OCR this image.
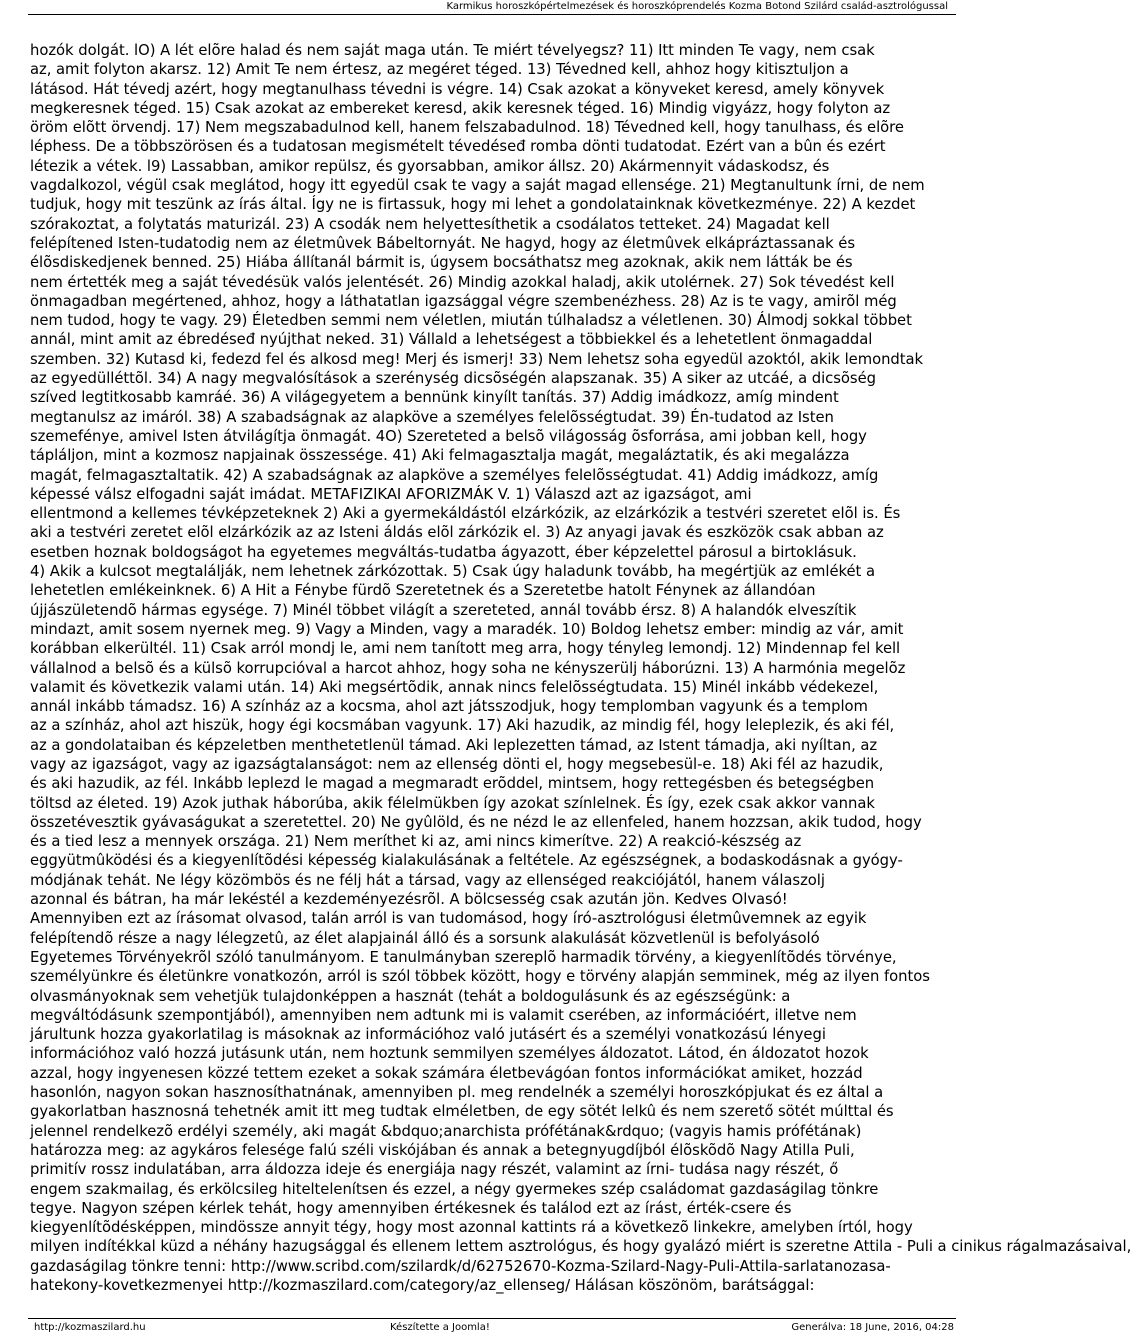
Karmikus horoszkópértelmezések és horoszkóprendelés Kozma Botond Szilárd család-asztrológussal
hozók dolgát. lO) A lét elõre halad és nem saját maga után. Te miért tévelyegsz? 11) Itt minden Te vagy, nem csak
az, amit folyton akarsz. 12) Amit Te nem értesz, az megéret téged. 13) Tévedned kell, ahhoz hogy kitisztuljon a
látásod. Hát tévedj azért, hogy megtanulhass tévedni is végre. 14) Csak azokat a könyveket keresd, amely könyvek
megkeresnek téged. 15) Csak azokat az embereket keresd, akik keresnek téged. 16) Mindig vigyázz, hogy folyton az
öröm elõtt örvendj. 17) Nem megszabadulnod kell, hanem felszabadulnod. 18) Tévedned kell, hogy tanulhass, és elõre
léphess. De a többszörösen és a tudatosan megismételt tévedéseđ romba dönti tudatodat. Ezért van a bûn és ezért
létezik a vétek. l9) Lassabban, amikor repülsz, és gyorsabban, amikor állsz. 20) Akármennyit vádaskodsz, és
vagdalkozol, végül csak meglátod, hogy itt egyedül csak te vagy a saját magad ellensége. 21) Megtanultunk írni, de nem
tudjuk, hogy mit teszünk az írás által. Így ne is firtassuk, hogy mi lehet a gondolatainknak következménye. 22) A kezdet
szórakoztat, a folytatás maturizál. 23) A csodák nem helyettesíthetik a csodálatos tetteket. 24) Magadat kell
felépítened Isten-tudatodig nem az életmûvek Bábeltornyát. Ne hagyd, hogy az életmûvek elkápráztassanak és
élõsdiskedjenek benned. 25) Hiába állítanál bármit is, úgysem bocsáthatsz meg azoknak, akik nem látták be és
nem értették meg a saját tévedésük valós jelentését. 26) Mindig azokkal haladj, akik utolérnek. 27) Sok tévedést kell
önmagadban megértened, ahhoz, hogy a láthatatlan igazsággal végre szembenézhess. 28) Az is te vagy, amirõl még
nem tudod, hogy te vagy. 29) Életedben semmi nem véletlen, miután túlhaladsz a véletlenen. 30) Álmodj sokkal többet
annál, mint amit az ébredéseđ nyújthat neked. 31) Vállald a lehetségest a többiekkel és a lehetetlent önmagaddal
szemben. 32) Kutasd ki, fedezd fel és alkosd meg! Merj és ismerj! 33) Nem lehetsz soha egyedül azoktól, akik lemondtak
az egyedülléttõl. 34) A nagy megvalósítások a szerénység dicsõségén alapszanak. 35) A siker az utcáé, a dicsõség
szíved legtitkosabb kamráé. 36) A világegyetem a bennünk kinyílt tanítás. 37) Addig imádkozz, amíg mindent
megtanulsz az imáról. 38) A szabadságnak az alapköve a személyes felelõsségtudat. 39) Én-tudatod az Isten
szemefénye, amivel Isten átvilágítja önmagát. 4O) Szereteted a belsõ világosság õsforrása, ami jobban kell, hogy
tápláljon, mint a kozmosz napjainak összessége. 41) Aki felmagasztalja magát, megaláztatik, és aki megalázza
magát, felmagasztaltatik. 42) A szabadságnak az alapköve a személyes felelõsségtudat. 41) Addig imádkozz, amíg
képessé válsz elfogadni saját imádat. METAFIZIKAI AFORIZMÁK V. 1) Válaszd azt az igazságot, ami
ellentmond a kellemes tévképzeteknek 2) Aki a gyermekáldástól elzárkózik, az elzárkózik a testvéri szeretet elõl is. És
aki a testvéri zeretet elõl elzárkózik az az Isteni áldás elõl zárkózik el. 3) Az anyagi javak és eszközök csak abban az
esetben hoznak boldogságot ha egyetemes megváltás-tudatba ágyazott, éber képzelettel párosul a birtoklásuk.
4) Akik a kulcsot megtalálják, nem lehetnek zárkózottak. 5) Csak úgy haladunk tovább, ha megértjük az emlékét a
lehetetlen emlékeinknek. 6) A Hit a Fénybe fürdõ Szeretetnek és a Szeretetbe hatolt Fénynek az állandóan
újjászületendõ hármas egysége. 7) Minél többet világít a szereteted, annál tovább érsz. 8) A halandók elveszítik
mindazt, amit sosem nyernek meg. 9) Vagy a Minden, vagy a maradék. 10) Boldog lehetsz ember: mindig az vár, amit
korábban elkerültél. 11) Csak arról mondj le, ami nem tanított meg arra, hogy tényleg lemondj. 12) Mindennap fel kell
vállalnod a belsõ és a külsõ korrupcióval a harcot ahhoz, hogy soha ne kényszerülj háborúzni. 13) A harmónia megelõz
valamit és következik valami után. 14) Aki megsértõdik, annak nincs felelõsségtudata. 15) Minél inkább védekezel,
annál inkább támadsz. 16) A színház az a kocsma, ahol azt játsszodjuk, hogy templomban vagyunk és a templom
az a színház, ahol azt hiszük, hogy égi kocsmában vagyunk. 17) Aki hazudik, az mindig fél, hogy leleplezik, és aki fél,
az a gondolataiban és képzeletben menthetetlenül támad. Aki leplezetten támad, az Istent támadja, aki nyíltan, az
vagy az igazságot, vagy az igazságtalanságot: nem az ellenség dönti el, hogy megsebesül-e. 18) Aki fél az hazudik,
és aki hazudik, az fél. Inkább leplezd le magad a megmaradt erõddel, mintsem, hogy rettegésben és betegségben
töltsd az életed. 19) Azok juthak háborúba, akik félelmükben így azokat színlelnek. És így, ezek csak akkor vannak
összetévesztik gyávaságukat a szeretettel. 20) Ne gyûlöld, és ne nézd le az ellenfeled, hanem hozzsan, akik tudod, hogy
és a tied lesz a mennyek országa. 21) Nem meríthet ki az, ami nincs kimerítve. 22) A reakció-készség az
eggyütmûködési és a kiegyenlítõdési képesség kialakulásának a feltétele. Az egészségnek, a bodaskodásnak a gyógy-
módjának tehát. Ne légy közömbös és ne félj hát a társad, vagy az ellenséged reakciójától, hanem válaszolj
azonnal és bátran, ha már lekéstél a kezdeményezésrõl. A bölcsesség csak azután jön. Kedves Olvasó!
Amennyiben ezt az írásomat olvasod, talán arról is van tudomásod, hogy író-asztrológusi életmûvemnek az egyik
felépítendõ része a nagy lélegzetû, az élet alapjainál álló és a sorsunk alakulását közvetlenül is befolyásoló
Egyetemes Törvényekrõl szóló tanulmányom. E tanulmányban szereplõ harmadik törvény, a kiegyenlítõdés törvénye,
személyünkre és életünkre vonatkozón, arról is szól többek között, hogy e törvény alapján semminek, még az ilyen fontos
olvasmányoknak sem vehetjük tulajdonképpen a hasznát (tehát a boldogulásunk és az egészségünk: a
megváltódásunk szempontjából), amennyiben nem adtunk mi is valamit cserében, az információért, illetve nem
járultunk hozza gyakorlatilag is másoknak az információhoz való jutásért és a személyi vonatkozású lényegi
információhoz való hozzá jutásunk után, nem hoztunk semmilyen személyes áldozatot. Látod, én áldozatot hozok
azzal, hogy ingyenesen közzé tettem ezeket a sokak számára életbevágóan fontos információkat amiket, hozzád
hasonlón, nagyon sokan hasznosíthatnának, amennyiben pl. meg rendelnék a személyi horoszkópjukat és ez által a
gyakorlatban hasznosná tehetnék amit itt meg tudtak elméletben, de egy sötét lelkû és nem szerető sötét múlttal és
jelennel rendelkezõ erdélyi személy, aki magát &bdquo;anarchista prófétának&rdquo; (vagyis hamis prófétának)
határozza meg: az agykáros felesége falú széli viskójában és annak a betegnyugdíjból élõskõdõ Nagy Atilla Puli,
primitív rossz indulatában, arra áldozza ideje és energiája nagy részét, valamint az írni- tudása nagy részét, ő
engem szakmailag, és erkölcsileg hiteltelenítsen és ezzel, a négy gyermekes szép családomat gazdaságilag tönkre
tegye. Nagyon szépen kérlek tehát, hogy amennyiben értékesnek és találod ezt az írást, érték-csere és
kiegyenlítõdésképpen, mindössze annyit tégy, hogy most azonnal kattints rá a következõ linkekre, amelyben írtól, hogy
milyen indítékkal küzd a néhány hazugsággal és ellenem lettem asztrológus, és hogy gyalázó miért is szeretne Attila - Puli a cinikus rágalmazásaival,
gazdaságilag tönkre tenni: http://www.scribd.com/szilardk/d/62752670-Kozma-Szilard-Nagy-Puli-Attila-sarlatanozasa-
hatekony-kovetkezmenyei http://kozmaszilard.com/category/az_ellenseg/ Hálásan köszönöm, barátsággal:
http://kozmaszilard.hu	Készítette a Joomla!	Generálva: 18 June, 2016, 04:28
